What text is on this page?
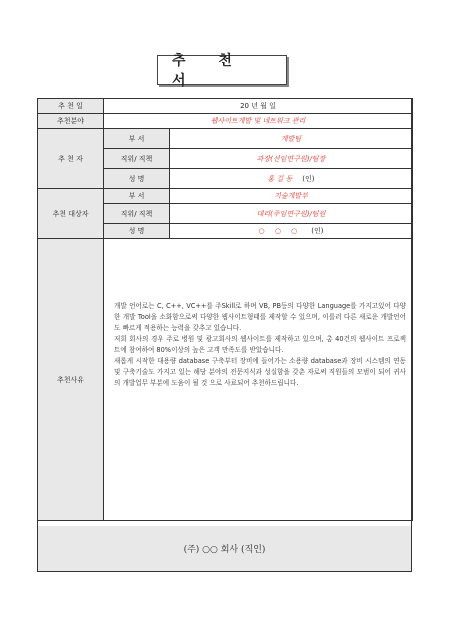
추 천 서
추 천 일	20 년 월 일	
추천분야	웹사이트개발 및 네트워크 관리	
추 천 자	부 서	개발팀
	직위/ 직책	과장(선임연구원)/팀장
	성 명	홍 길 동 (인)
추천 대상자	부 서	기술개발부
	직위/ 직책	대리(주임연구원)/팀원
	성 명	○ ○ ○ (인)
추천사유	개발 언어로는 C, C++, VC++를 주Skill로 하며 VB, PB등의 다양한 Language를 가지고있어 다양한 개발 Tool을 소화함으로써 다양한 웹사이트형태를 제작할 수 있으며, 이를러 다른 새로운 개발언어도 빠르게 적용하는 능력을 갖추고 있습니다.

저희 회사의 경우 주로 병원 및 광고회사의 웹사이트를 제작하고 있으며, 총 40건의 웹사이트 프로젝트에 참여하여 80%이상의 높은 고객 만족도를 받았습니다.

새롭게 시작한 대용량 database 구축부터 장비에 들어가는 소용량 database과 장비 시스템의 연동 및 구축기술도 가지고 있는 해당 분야의 전문지식과 성실함을 갖춘 자로써 직원들의 모범이 되어 귀사의 개발업무 부분에 도움이 될 것 으로 사료되어 추천하드립니다.	

(주) ○○ 회사 (직인)
